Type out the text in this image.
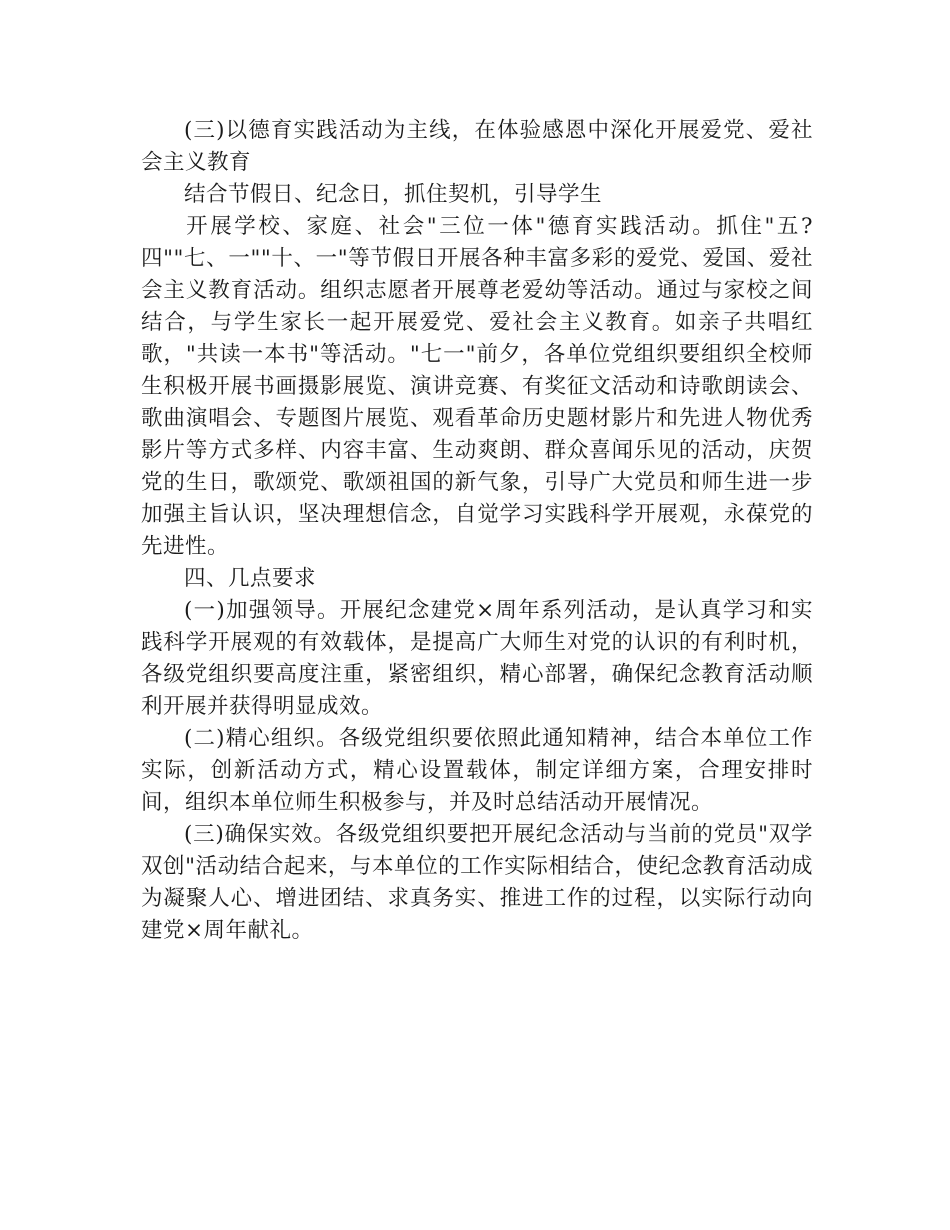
(三)以德育实践活动为主线，在体验感恩中深化开展爱党、爱社会主义教育

结合节假日、纪念日，抓住契机，引导学生

开展学校、家庭、社会"三位一体"德育实践活动。抓住"五?四""七、一""十、一"等节假日开展各种丰富多彩的爱党、爱国、爱社会主义教育活动。组织志愿者开展尊老爱幼等活动。通过与家校之间结合，与学生家长一起开展爱党、爱社会主义教育。如亲子共唱红歌，"共读一本书"等活动。"七一"前夕，各单位党组织要组织全校师生积极开展书画摄影展览、演讲竞赛、有奖征文活动和诗歌朗读会、歌曲演唱会、专题图片展览、观看革命历史题材影片和先进人物优秀影片等方式多样、内容丰富、生动爽朗、群众喜闻乐见的活动，庆贺党的生日，歌颂党、歌颂祖国的新气象，引导广大党员和师生进一步加强主旨认识，坚决理想信念，自觉学习实践科学开展观，永葆党的先进性。

四、几点要求

(一)加强领导。开展纪念建党×周年系列活动，是认真学习和实践科学开展观的有效载体，是提高广大师生对党的认识的有利时机，各级党组织要高度注重，紧密组织，精心部署，确保纪念教育活动顺利开展并获得明显成效。

(二)精心组织。各级党组织要依照此通知精神，结合本单位工作实际，创新活动方式，精心设置载体，制定详细方案，合理安排时间，组织本单位师生积极参与，并及时总结活动开展情况。

(三)确保实效。各级党组织要把开展纪念活动与当前的党员"双学双创"活动结合起来，与本单位的工作实际相结合，使纪念教育活动成为凝聚人心、增进团结、求真务实、推进工作的过程，以实际行动向建党×周年献礼。
